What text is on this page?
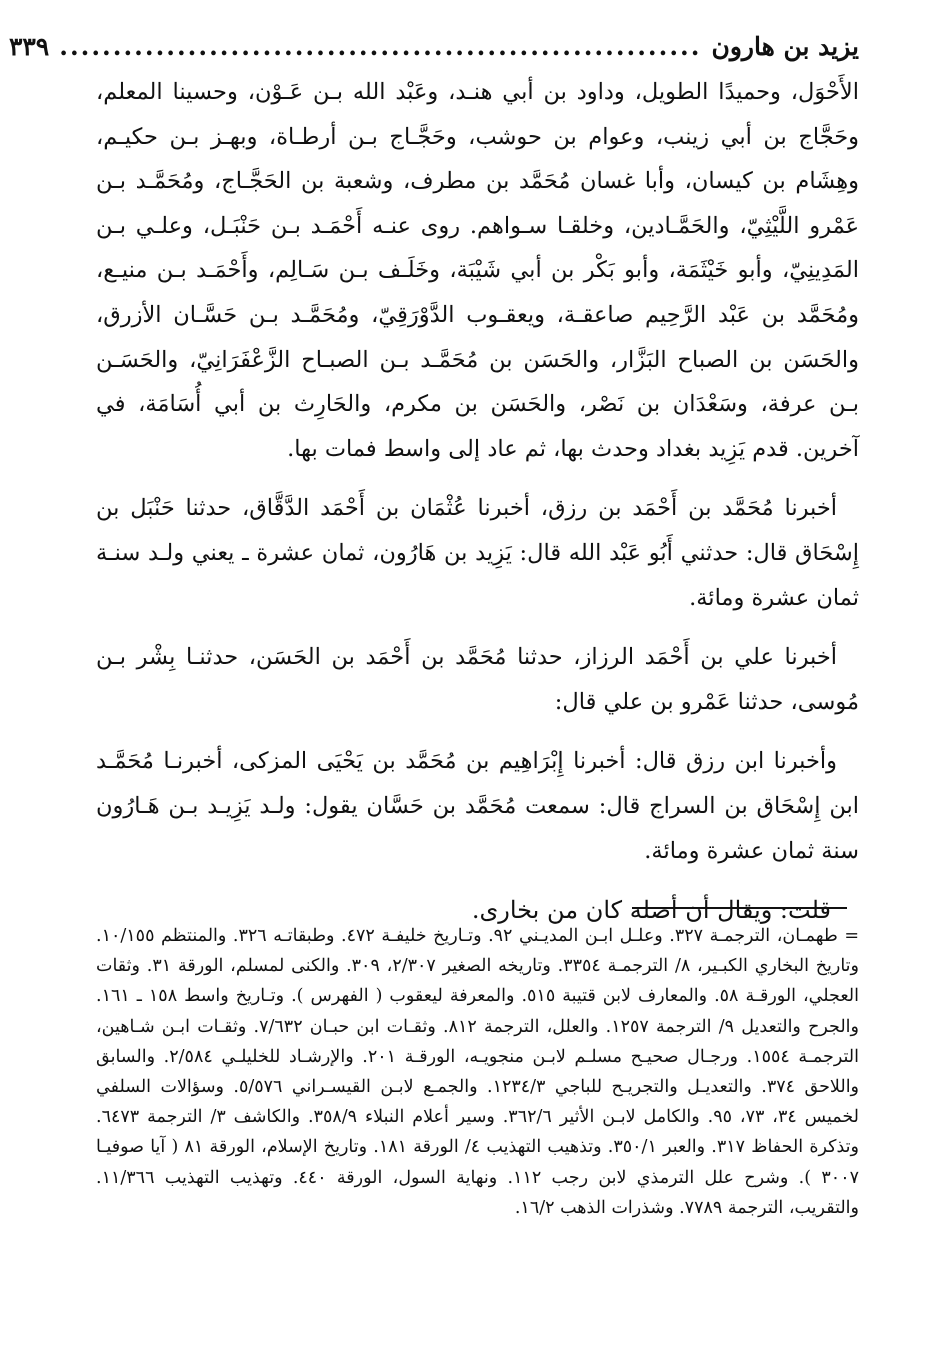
يزيد بن هارون
............................................................
٣٣٩

الأَحْوَل، وحميدًا الطويل، وداود بن أبي هنـد، وعَبْد الله بـن عَـوْن، وحسينا المعلم، وحَجَّاج بن أبي زينب، وعوام بن حوشب، وحَجَّـاج بـن أرطـاة، وبهـز بـن حكيـم، وهِشَام بن كيسان، وأبا غسان مُحَمَّد بن مطرف، وشعبة بن الحَجَّـاج، ومُحَمَّـد بـن عَمْرو اللَّيْثِيّ، والحَمَّـادين، وخلقـا سـواهم. روى عنـه أَحْمَـد بـن حَنْبَـل، وعلـي بـن المَدِينِيّ، وأبو خَيْثَمَة، وأبو بَكْر بن أبي شَيْبَة، وخَلَـف بـن سَـالِم، وأَحْمَـد بـن منيـع، ومُحَمَّد بن عَبْد الرَّحِيم صاعقـة، ويعقـوب الدَّوْرَقِيّ، ومُحَمَّـد بـن حَسَّـان الأزرق، والحَسَن بن الصباح البَزَّار، والحَسَن بن مُحَمَّـد بـن الصبـاح الزَّعْفَرَانِيّ، والحَسَـن بـن عرفة، وسَعْدَان بن نَصْر، والحَسَن بن مكرم، والحَارِث بن أبي أُسَامَة، في آخرين. قدم يَزِيد بغداد وحدث بها، ثم عاد إلى واسط فمات بها.

أخبرنا مُحَمَّد بن أَحْمَد بن رزق، أخبرنا عُثْمَان بن أَحْمَد الدَّقَّاق، حدثنا حَنْبَل بن إِسْحَاق قال: حدثني أَبُو عَبْد الله قال: يَزِيد بن هَارُون، ثمان عشرة ـ يعني ولـد سنـة ثمان عشرة ومائة.

أخبرنا علي بن أَحْمَد الرزاز، حدثنا مُحَمَّد بن أَحْمَد بن الحَسَن، حدثنـا بِشْر بـن مُوسى، حدثنا عَمْرو بن علي قال:

وأخبرنا ابن رزق قال: أخبرنا إِبْرَاهِيم بن مُحَمَّد بن يَحْيَى المزكى، أخبرنـا مُحَمَّـد ابن إِسْحَاق بن السراج قال: سمعت مُحَمَّد بن حَسَّان يقول: ولـد يَزِيـد بـن هَـارُون سنة ثمان عشرة ومائة.

قلت: ويقال أن أصله كان من بخارى.

= طهمـان، الترجمـة ٣٢٧. وعلـل ابـن المديـني ٩٢. وتـاريخ خليفـة ٤٧٢. وطبقاتـه ٣٢٦. والمنتظم ١٠/١٥٥. وتاريخ البخاري الكبـير، ٨/ الترجمـة ٣٣٥٤. وتاريخه الصغير ٢/٣٠٧، ٣٠٩. والكنى لمسلم، الورقة ٣١. وثقات العجلي، الورقـة ٥٨. والمعارف لابن قتيبة ٥١٥. والمعرفة ليعقوب ( الفهرس ). وتـاريخ واسط ١٥٨ ـ ١٦١. والجرح والتعديل ٩/ الترجمة ١٢٥٧. والعلل، الترجمة ٨١٢. وثقـات ابن حبـان ٧/٦٣٢. وثقـات ابـن شـاهين، الترجمـة ١٥٥٤. ورجـال صحيـح مسلـم لابـن منجويـه، الورقـة ٢٠١. والإرشـاد للخليلـي ٢/٥٨٤. والسابق واللاحق ٣٧٤. والتعديـل والتجريـح للباجي ١٢٣٤/٣. والجمـع لابـن القيسـراني ٥/٥٧٦. وسؤالات السلفي لخميس ٣٤، ٧٣، ٩٥. والكامل لابـن الأثير ٣٦٢/٦. وسير أعلام النبلاء ٣٥٨/٩. والكاشف ٣/ الترجمة ٦٤٧٣. وتذكرة الحفاظ ٣١٧. والعبر ٣٥٠/١. وتذهيب التهذيب ٤/ الورقة ١٨١. وتاريخ الإسلام، الورقة ٨١ ( آيا صوفيـا ٣٠٠٧ ). وشرح علل الترمذي لابن رجب ١١٢. ونهاية السول، الورقة ٤٤٠. وتهذيب التهذيب ١١/٣٦٦. والتقريب، الترجمة ٧٧٨٩. وشذرات الذهب ١٦/٢.
